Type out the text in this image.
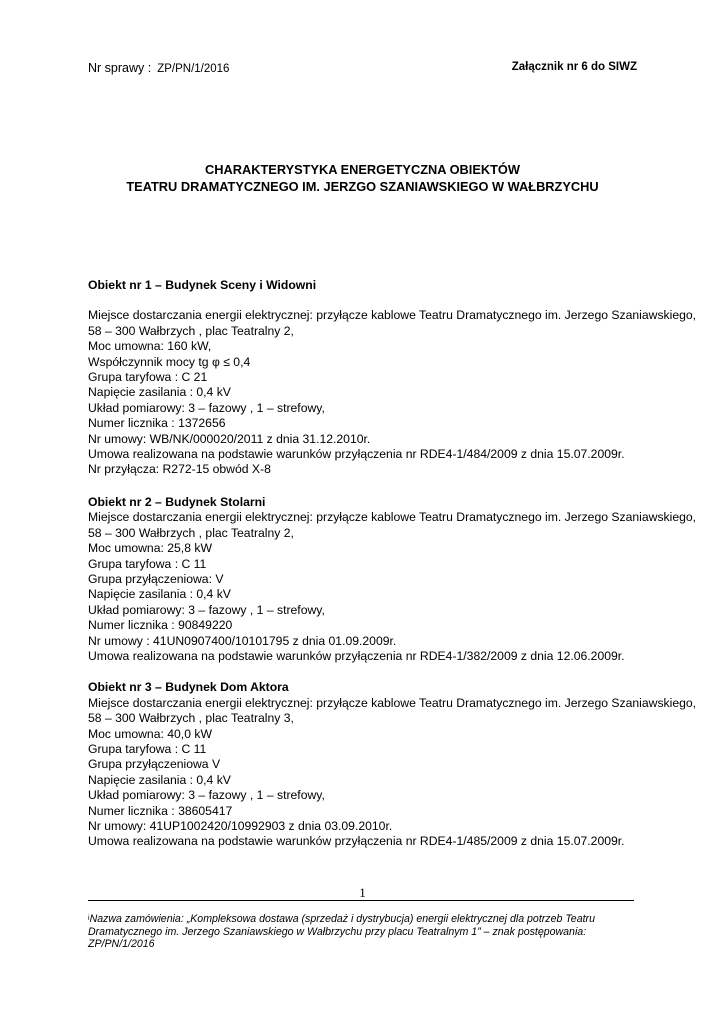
Nr sprawy : ZP/PN/1/2016	Załącznik nr 6 do SIWZ
CHARAKTERYSTYKA ENERGETYCZNA OBIEKTÓW
TEATRU DRAMATYCZNEGO IM. JERZGO SZANIAWSKIEGO W WAŁBRZYCHU
Obiekt nr 1 – Budynek Sceny i Widowni
Miejsce dostarczania energii elektrycznej: przyłącze kablowe Teatru Dramatycznego im. Jerzego Szaniawskiego,
58 – 300 Wałbrzych , plac Teatralny 2,
Moc umowna: 160 kW,
Współczynnik mocy tg φ ≤ 0,4
Grupa taryfowa : C 21
Napięcie zasilania : 0,4 kV
Układ pomiarowy: 3 – fazowy , 1 – strefowy,
Numer licznika : 1372656
Nr umowy: WB/NK/000020/2011 z dnia 31.12.2010r.
Umowa realizowana na podstawie warunków przyłączenia nr RDE4-1/484/2009 z dnia 15.07.2009r.
Nr przyłącza: R272-15 obwód X-8
Obiekt nr 2 – Budynek Stolarni
Miejsce dostarczania energii elektrycznej: przyłącze kablowe Teatru Dramatycznego im. Jerzego Szaniawskiego,
58 – 300 Wałbrzych , plac Teatralny 2,
Moc umowna: 25,8 kW
Grupa taryfowa : C 11
Grupa przyłączeniowa: V
Napięcie zasilania : 0,4 kV
Układ pomiarowy: 3 – fazowy , 1 – strefowy,
Numer licznika : 90849220
Nr umowy : 41UN0907400/10101795 z dnia 01.09.2009r.
Umowa realizowana na podstawie warunków przyłączenia nr RDE4-1/382/2009 z dnia 12.06.2009r.
Obiekt nr 3 – Budynek Dom Aktora
Miejsce dostarczania energii elektrycznej: przyłącze kablowe Teatru Dramatycznego im. Jerzego Szaniawskiego,
58 – 300 Wałbrzych , plac Teatralny 3,
Moc umowna: 40,0 kW
Grupa taryfowa : C 11
Grupa przyłączeniowa V
Napięcie zasilania : 0,4 kV
Układ pomiarowy: 3 – fazowy , 1 – strefowy,
Numer licznika : 38605417
Nr umowy: 41UP1002420/10992903 z dnia 03.09.2010r.
Umowa realizowana na podstawie warunków przyłączenia nr RDE4-1/485/2009 z dnia 15.07.2009r.
1
$^i$Nazwa zamówienia: „Kompleksowa dostawa (sprzedaż i dystrybucja) energii elektrycznej dla potrzeb Teatru Dramatycznego im. Jerzego Szaniawskiego w Wałbrzychu przy placu Teatralnym 1” – znak postępowania: ZP/PN/1/2016
